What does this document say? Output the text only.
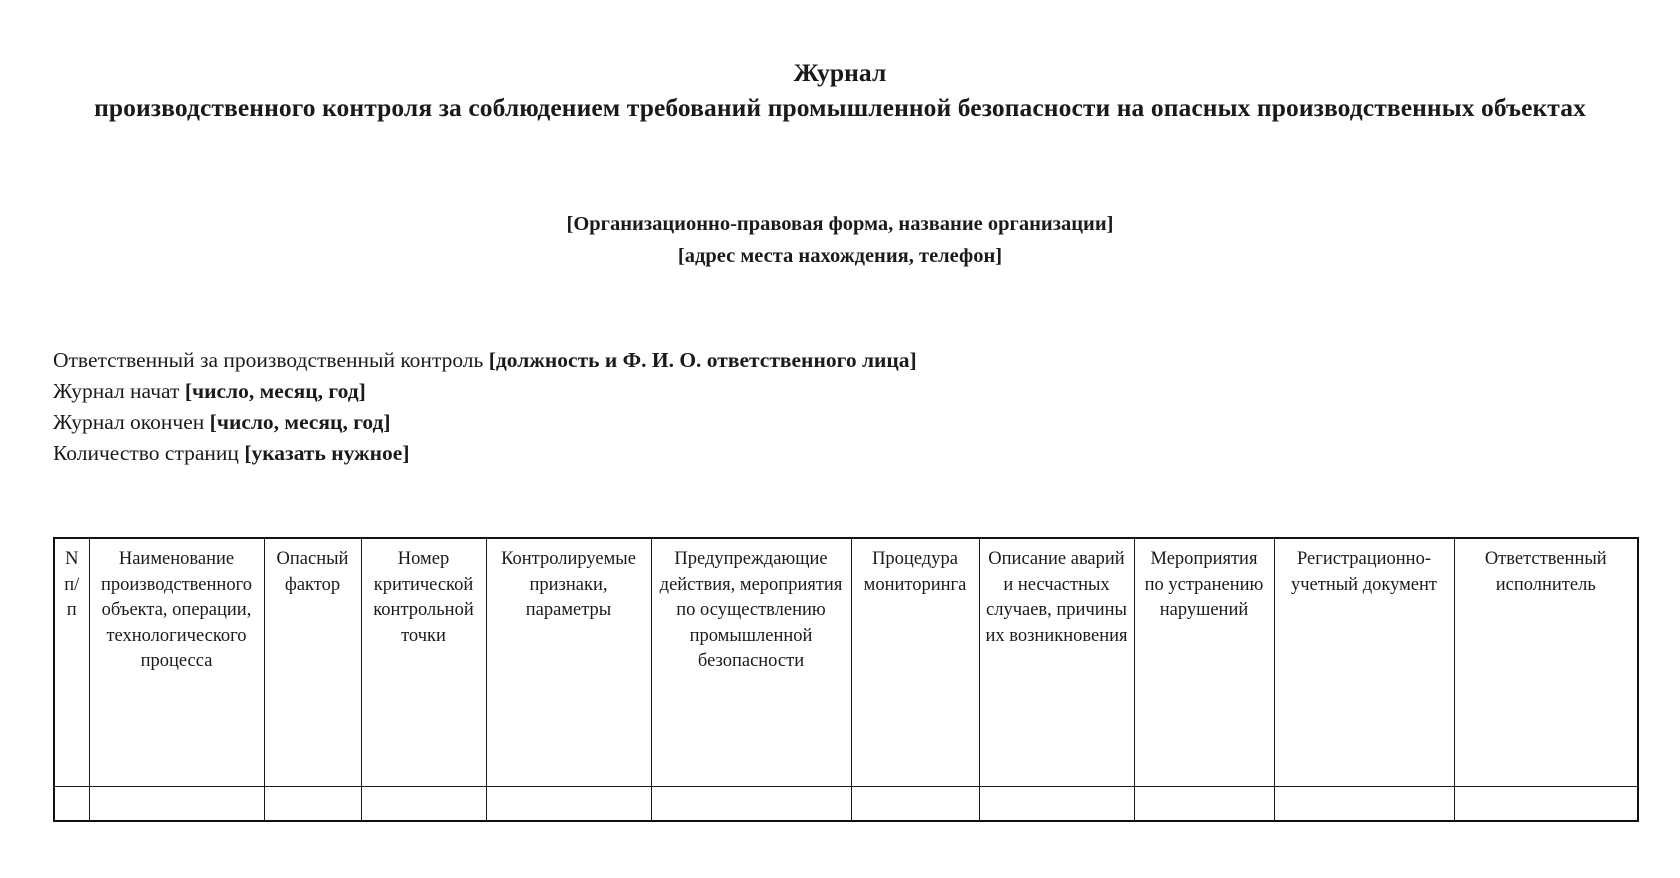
Журнал
производственного контроля за соблюдением требований промышленной безопасности на опасных производственных объектах
[Организационно-правовая форма, название организации]
[адрес места нахождения, телефон]
Ответственный за производственный контроль [должность и Ф. И. О. ответственного лица]
Журнал начат [число, месяц, год]
Журнал окончен [число, месяц, год]
Количество страниц [указать нужное]
N п/п	Наименование производственного объекта, операции, технологического процесса	Опасный фактор	Номер критической контрольной точки	Контролируемые признаки, параметры	Предупреждающие действия, мероприятия по осуществлению промышленной безопасности	Процедура мониторинга	Описание аварий и несчастных случаев, причины их возникновения	Мероприятия по устранению нарушений	Регистрационно-учетный документ	Ответственный исполнитель
